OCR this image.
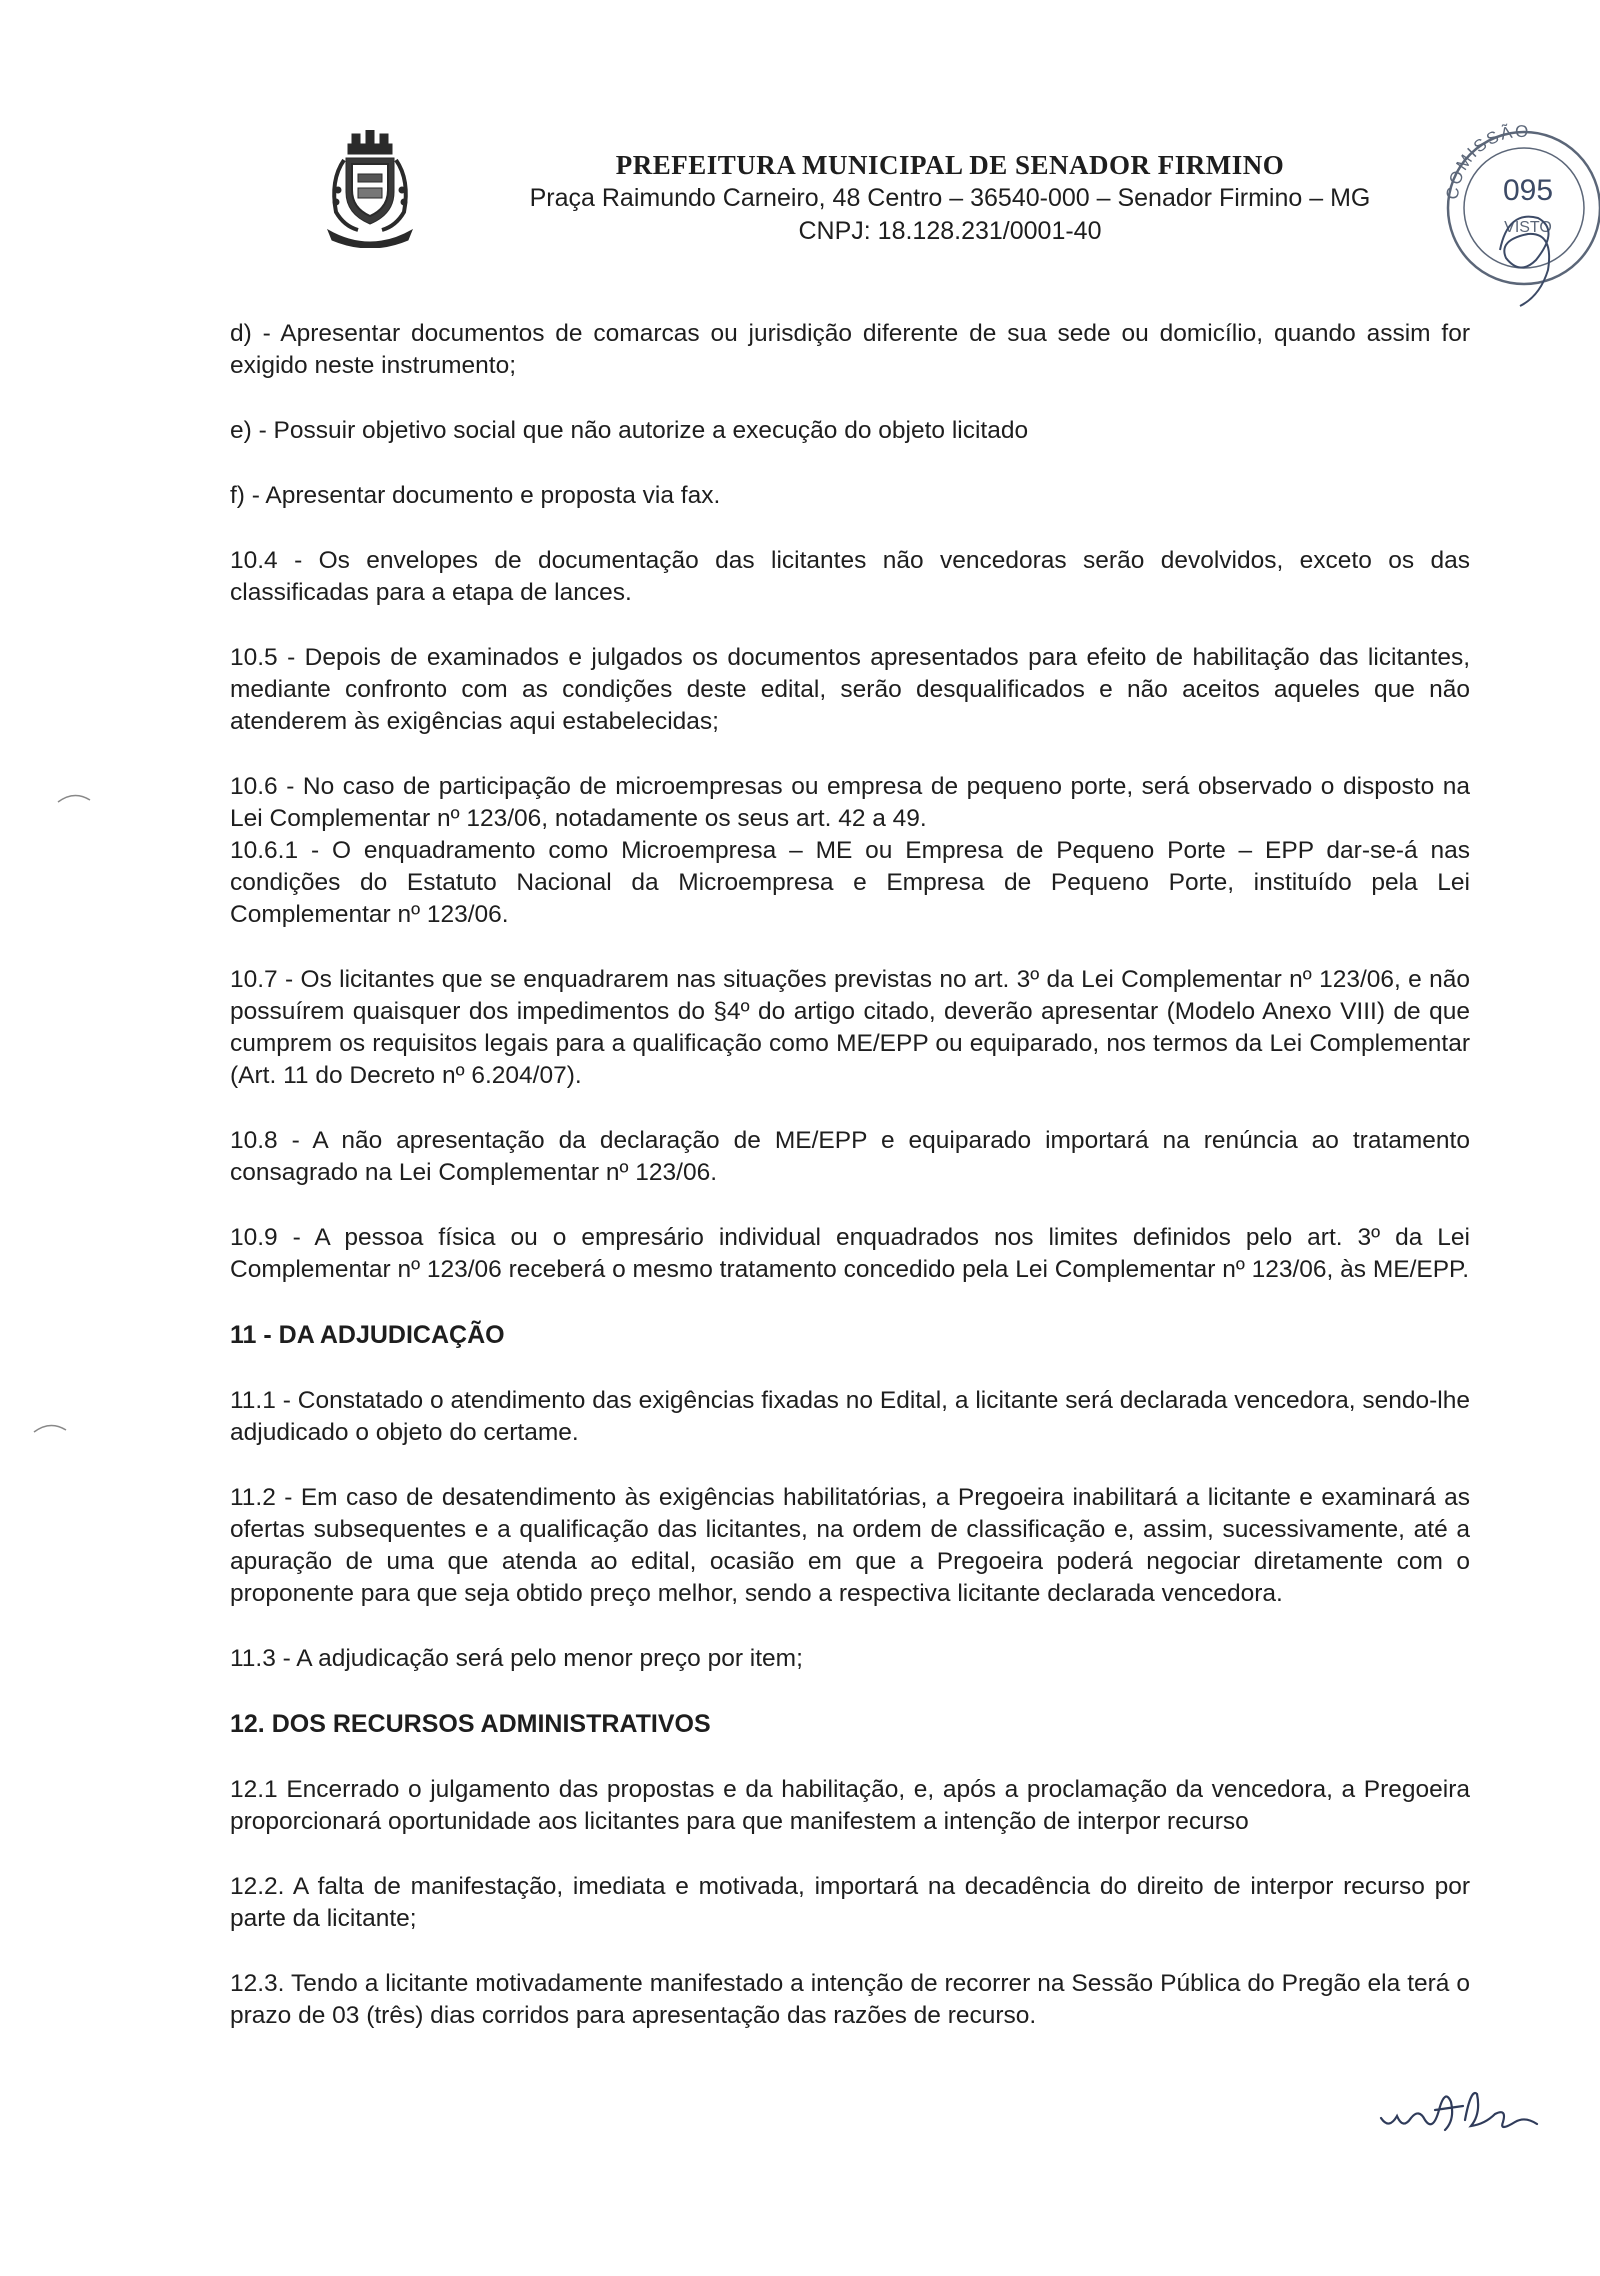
PREFEITURA MUNICIPAL DE SENADOR FIRMINO
Praça Raimundo Carneiro, 48 Centro – 36540-000 – Senador Firmino – MG
CNPJ: 18.128.231/0001-40
COMISSÃO
095
VISTO

d) - Apresentar documentos de comarcas ou jurisdição diferente de sua sede ou domicílio, quando assim for exigido neste instrumento;

e) - Possuir objetivo social que não autorize a execução do objeto licitado

f) - Apresentar documento e proposta via fax.

10.4 - Os envelopes de documentação das licitantes não vencedoras serão devolvidos, exceto os das classificadas para a etapa de lances.

10.5 - Depois de examinados e julgados os documentos apresentados para efeito de habilitação das licitantes, mediante confronto com as condições deste edital, serão desqualificados e não aceitos aqueles que não atenderem às exigências aqui estabelecidas;

10.6 - No caso de participação de microempresas ou empresa de pequeno porte, será observado o disposto na Lei Complementar nº 123/06, notadamente os seus art. 42 a 49.

10.6.1 - O enquadramento como Microempresa – ME ou Empresa de Pequeno Porte – EPP dar-se-á nas condições do Estatuto Nacional da Microempresa e Empresa de Pequeno Porte, instituído pela Lei Complementar nº 123/06.

10.7 - Os licitantes que se enquadrarem nas situações previstas no art. 3º da Lei Complementar nº 123/06, e não possuírem quaisquer dos impedimentos do §4º do artigo citado, deverão apresentar (Modelo Anexo VIII) de que cumprem os requisitos legais para a qualificação como ME/EPP ou equiparado, nos termos da Lei Complementar (Art. 11 do Decreto nº 6.204/07).

10.8 - A não apresentação da declaração de ME/EPP e equiparado importará na renúncia ao tratamento consagrado na Lei Complementar nº 123/06.

10.9 - A pessoa física ou o empresário individual enquadrados nos limites definidos pelo art. 3º da Lei Complementar nº 123/06 receberá o mesmo tratamento concedido pela Lei Complementar nº 123/06, às ME/EPP.

11 - DA ADJUDICAÇÃO

11.1 - Constatado o atendimento das exigências fixadas no Edital, a licitante será declarada vencedora, sendo-lhe adjudicado o objeto do certame.

11.2 - Em caso de desatendimento às exigências habilitatórias, a Pregoeira inabilitará a licitante e examinará as ofertas subsequentes e a qualificação das licitantes, na ordem de classificação e, assim, sucessivamente, até a apuração de uma que atenda ao edital, ocasião em que a Pregoeira poderá negociar diretamente com o proponente para que seja obtido preço melhor, sendo a respectiva licitante declarada vencedora.

11.3 - A adjudicação será pelo menor preço por item;

12. DOS RECURSOS ADMINISTRATIVOS

12.1 Encerrado o julgamento das propostas e da habilitação, e, após a proclamação da vencedora, a Pregoeira proporcionará oportunidade aos licitantes para que manifestem a intenção de interpor recurso

12.2. A falta de manifestação, imediata e motivada, importará na decadência do direito de interpor recurso por parte da licitante;

12.3. Tendo a licitante motivadamente manifestado a intenção de recorrer na Sessão Pública do Pregão ela terá o prazo de 03 (três) dias corridos para apresentação das razões de recurso.
